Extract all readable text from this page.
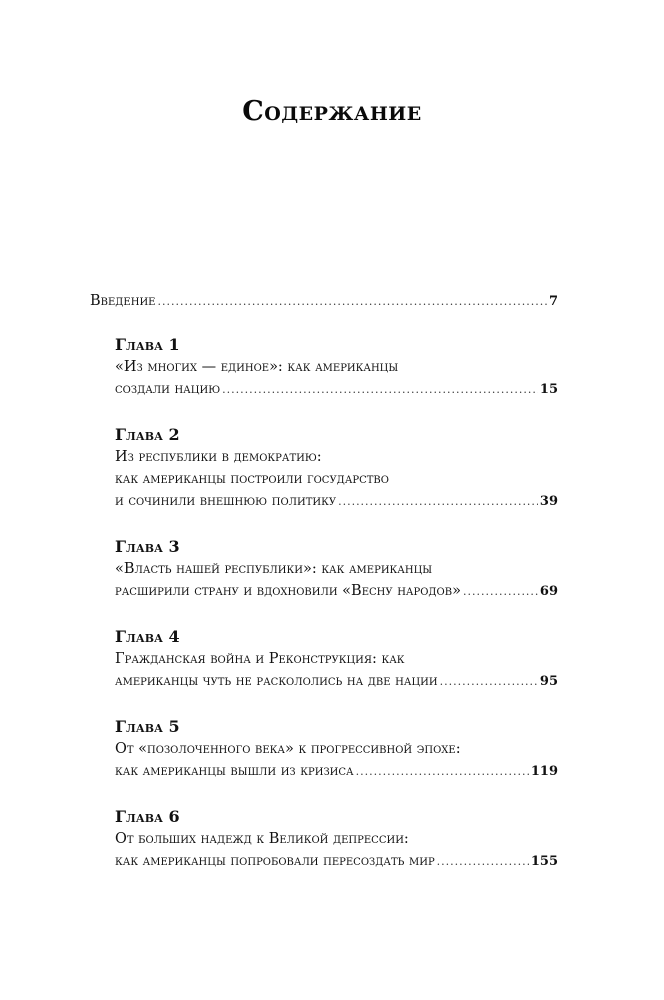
Содержание
Введение .....	7
Глава 1
«Из многих — единое»: как американцы
создали нацию .....	15
Глава 2
Из республики в демократию:
как американцы построили государство
и сочинили внешнюю политику .....	39
Глава 3
«Власть нашей республики»: как американцы
расширили страну и вдохновили «Весну народов» .....	69
Глава 4
Гражданская война и Реконструкция: как
американцы чуть не раскололись на две нации .....	95
Глава 5
От «позолоченного века» к прогрессивной эпохе:
как американцы вышли из кризиса .....	119
Глава 6
От больших надежд к Великой депрессии:
как американцы попробовали пересоздать мир .....	155
